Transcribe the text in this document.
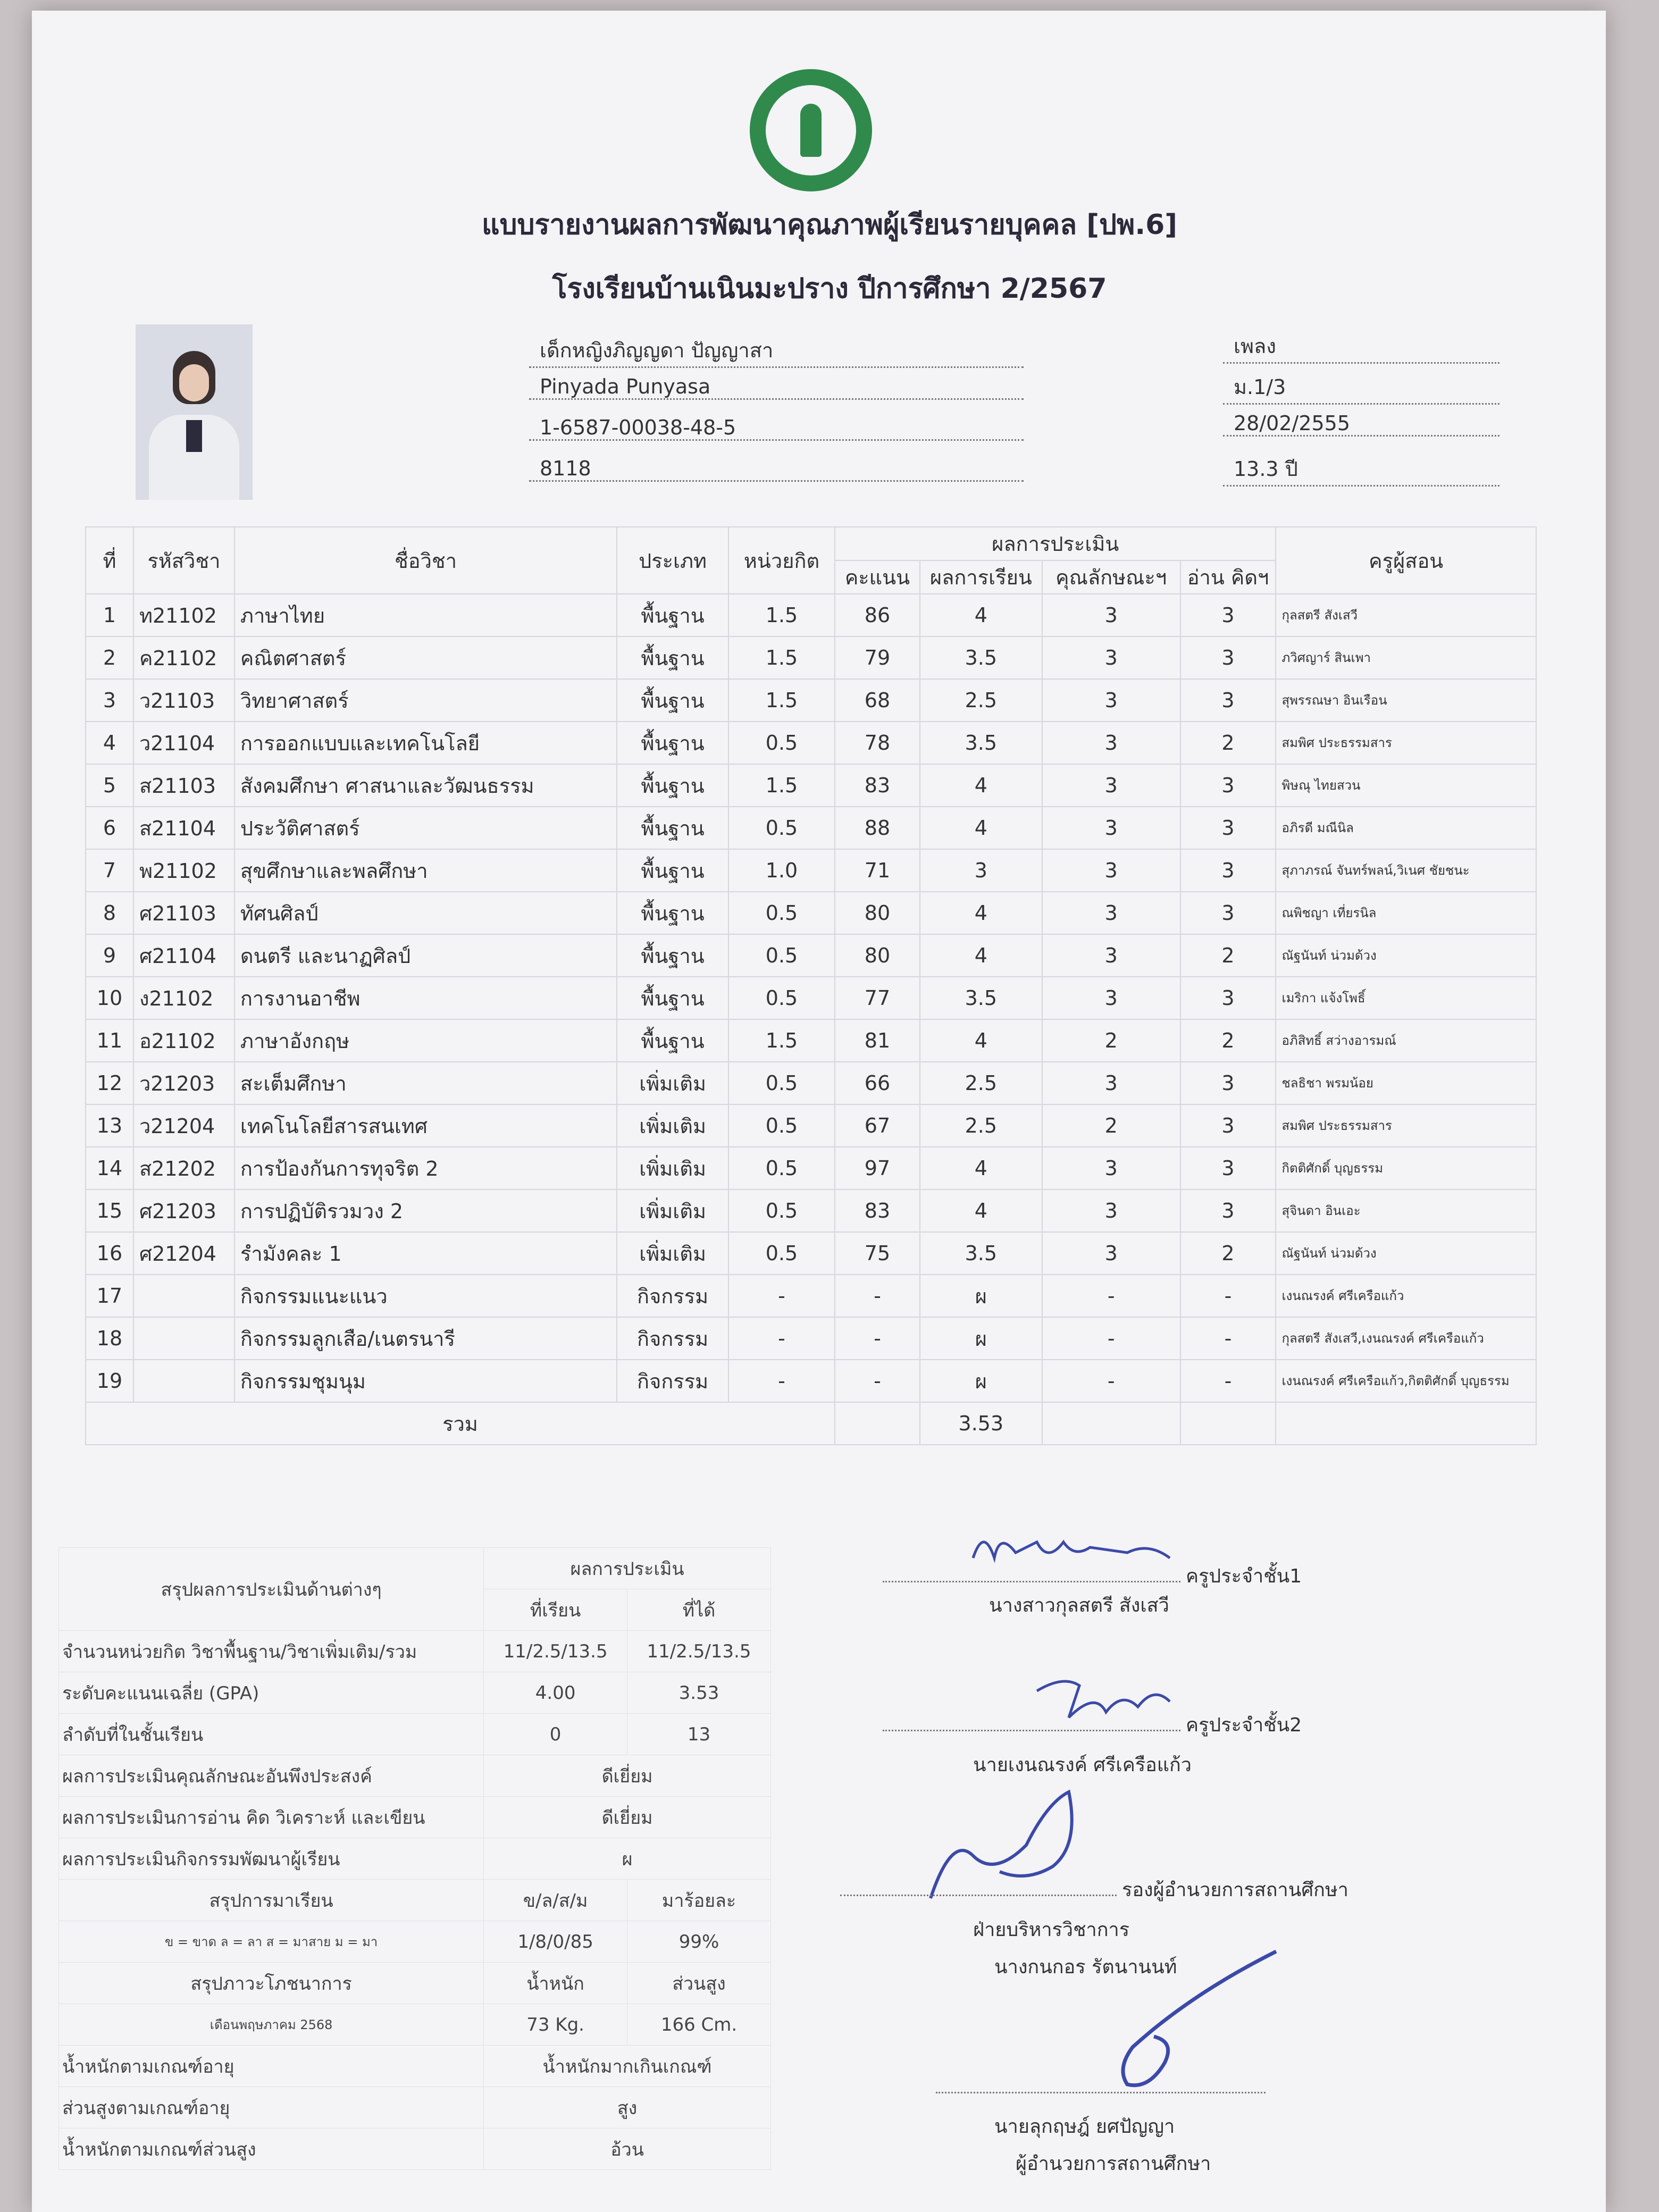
แบบรายงานผลการพัฒนาคุณภาพผู้เรียนรายบุคคล [ปพ.6]
โรงเรียนบ้านเนินมะปราง ปีการศึกษา 2/2567
เด็กหญิงภิญญดา ปัญญาสา
Pinyada Punyasa
1-6587-00038-48-5
8118
เพลง
ม.1/3
28/02/2555
13.3 ปี
ที่	รหัสวิชา	ชื่อวิชา	ประเภท	หน่วยกิต	ผลการประเมิน				ครูผู้สอน
					คะแนน	ผลการเรียน	คุณลักษณะฯ	อ่าน คิดฯ	
1	ท21102	ภาษาไทย	พื้นฐาน	1.5	86	4	3	3	กุลสตรี สังเสวี
2	ค21102	คณิตศาสตร์	พื้นฐาน	1.5	79	3.5	3	3	ภวิศญาร์ สินเพา
3	ว21103	วิทยาศาสตร์	พื้นฐาน	1.5	68	2.5	3	3	สุพรรณษา อินเรือน
4	ว21104	การออกแบบและเทคโนโลยี	พื้นฐาน	0.5	78	3.5	3	2	สมพิศ ประธรรมสาร
5	ส21103	สังคมศึกษา ศาสนาและวัฒนธรรม	พื้นฐาน	1.5	83	4	3	3	พิษณุ ไทยสวน
6	ส21104	ประวัติศาสตร์	พื้นฐาน	0.5	88	4	3	3	อภิรดี มณีนิล
7	พ21102	สุขศึกษาและพลศึกษา	พื้นฐาน	1.0	71	3	3	3	สุภาภรณ์ จันทร์พลน์,วิเนศ ชัยชนะ
8	ศ21103	ทัศนศิลป์	พื้นฐาน	0.5	80	4	3	3	ณพิชญา เที่ยรนิล
9	ศ21104	ดนตรี และนาฏศิลป์	พื้นฐาน	0.5	80	4	3	2	ณัฐนันท์ น่วมด้วง
10	ง21102	การงานอาชีพ	พื้นฐาน	0.5	77	3.5	3	3	เมริกา แจ้งโพธิ์
11	อ21102	ภาษาอังกฤษ	พื้นฐาน	1.5	81	4	2	2	อภิสิทธิ์ สว่างอารมณ์
12	ว21203	สะเต็มศึกษา	เพิ่มเติม	0.5	66	2.5	3	3	ชลธิชา พรมน้อย
13	ว21204	เทคโนโลยีสารสนเทศ	เพิ่มเติม	0.5	67	2.5	2	3	สมพิศ ประธรรมสาร
14	ส21202	การป้องกันการทุจริต 2	เพิ่มเติม	0.5	97	4	3	3	กิตติศักดิ์ บุญธรรม
15	ศ21203	การปฏิบัติรวมวง 2	เพิ่มเติม	0.5	83	4	3	3	สุจินดา อินเอะ
16	ศ21204	รำมังคละ 1	เพิ่มเติม	0.5	75	3.5	3	2	ณัฐนันท์ น่วมด้วง
17		กิจกรรมแนะแนว	กิจกรรม	-	-	ผ	-	-	เงนณรงค์ ศรีเครือแก้ว
18		กิจกรรมลูกเสือ/เนตรนารี	กิจกรรม	-	-	ผ	-	-	กุลสตรี สังเสวี,เงนณรงค์ ศรีเครือแก้ว
19		กิจกรรมชุมนุม	กิจกรรม	-	-	ผ	-	-	เงนณรงค์ ศรีเครือแก้ว,กิตติศักดิ์ บุญธรรม
รวม						3.53			
สรุปผลการประเมินด้านต่างๆ	ผลการประเมิน	
	ที่เรียน	ที่ได้
จำนวนหน่วยกิต วิชาพื้นฐาน/วิชาเพิ่มเติม/รวม	11/2.5/13.5	11/2.5/13.5
ระดับคะแนนเฉลี่ย (GPA)	4.00	3.53
ลำดับที่ในชั้นเรียน	0	13
ผลการประเมินคุณลักษณะอันพึงประสงค์	ดีเยี่ยม	
ผลการประเมินการอ่าน คิด วิเคราะห์ และเขียน	ดีเยี่ยม	
ผลการประเมินกิจกรรมพัฒนาผู้เรียน	ผ	
สรุปการมาเรียน	ข/ล/ส/ม	มาร้อยละ
ข = ขาด ล = ลา ส = มาสาย ม = มา	1/8/0/85	99%
สรุปภาวะโภชนาการ	น้ำหนัก	ส่วนสูง
เดือนพฤษภาคม 2568	73 Kg.	166 Cm.
น้ำหนักตามเกณฑ์อายุ	น้ำหนักมากเกินเกณฑ์	
ส่วนสูงตามเกณฑ์อายุ	สูง	
น้ำหนักตามเกณฑ์ส่วนสูง	อ้วน	
ครูประจำชั้น1
นางสาวกุลสตรี สังเสวี
ครูประจำชั้น2
นายเงนณรงค์ ศรีเครือแก้ว
รองผู้อำนวยการสถานศึกษา
ฝ่ายบริหารวิชาการ
นางกนกอร รัตนานนท์
นายลุกฤษฎ์ ยศปัญญา
ผู้อำนวยการสถานศึกษา
